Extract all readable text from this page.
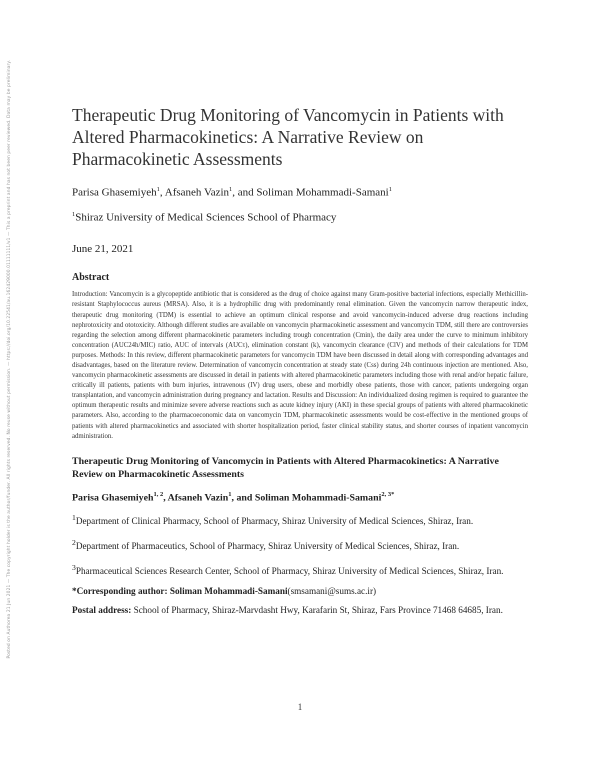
Posted on Authorea 21 Jun 2021 — The copyright holder is the author/funder. All rights reserved. No reuse without permission. — https://doi.org/10.22541/au.162429000.01111111/v1 — This a preprint and has not been peer reviewed. Data may be preliminary.	Therapeutic Drug Monitoring of Vancomycin in Patients with Altered Pharmacokinetics: A Narrative Review on Pharmacokinetic Assessments
Parisa Ghasemiyeh$^1$, Afsaneh Vazin$^1$, and Soliman Mohammadi-Samani$^1$
$^1$Shiraz University of Medical Sciences School of Pharmacy
June 21, 2021
Abstract
Introduction: Vancomycin is a glycopeptide antibiotic that is considered as the drug of choice against many Gram-positive bacterial infections, especially Methicillin-resistant Staphylococcus aureus (MRSA). Also, it is a hydrophilic drug with predominantly renal elimination. Given the vancomycin narrow therapeutic index, therapeutic drug monitoring (TDM) is essential to achieve an optimum clinical response and avoid vancomycin-induced adverse drug reactions including nephrotoxicity and ototoxicity. Although different studies are available on vancomycin pharmacokinetic assessment and vancomycin TDM, still there are controversies regarding the selection among different pharmacokinetic parameters including trough concentration (Cmin), the daily area under the curve to minimum inhibitory concentration (AUC24h/MIC) ratio, AUC of intervals (AUCτ), elimination constant (k), vancomycin clearance (ClV) and methods of their calculations for TDM purposes. Methods: In this review, different pharmacokinetic parameters for vancomycin TDM have been discussed in detail along with corresponding advantages and disadvantages, based on the literature review. Determination of vancomycin concentration at steady state (Css) during 24h continuous injection are mentioned. Also, vancomycin pharmacokinetic assessments are discussed in detail in patients with altered pharmacokinetic parameters including those with renal and/or hepatic failure, critically ill patients, patients with burn injuries, intravenous (IV) drug users, obese and morbidly obese patients, those with cancer, patients undergoing organ transplantation, and vancomycin administration during pregnancy and lactation. Results and Discussion: An individualized dosing regimen is required to guarantee the optimum therapeutic results and minimize severe adverse reactions such as acute kidney injury (AKI) in these special groups of patients with altered pharmacokinetic parameters. Also, according to the pharmacoeconomic data on vancomycin TDM, pharmacokinetic assessments would be cost-effective in the mentioned groups of patients with altered pharmacokinetics and associated with shorter hospitalization period, faster clinical stability status, and shorter courses of inpatient vancomycin administration.
Therapeutic Drug Monitoring of Vancomycin in Patients with Altered Pharmacokinetics: A Narrative Review on Pharmacokinetic Assessments
Parisa Ghasemiyeh$^{1, 2}$, Afsaneh Vazin$^1$, and Soliman Mohammadi-Samani$^{2, 3*}$
$^1$Department of Clinical Pharmacy, School of Pharmacy, Shiraz University of Medical Sciences, Shiraz, Iran.
$^2$Department of Pharmaceutics, School of Pharmacy, Shiraz University of Medical Sciences, Shiraz, Iran.
$^3$Pharmaceutical Sciences Research Center, School of Pharmacy, Shiraz University of Medical Sciences, Shiraz, Iran.
*Corresponding author: Soliman Mohammadi-Samani(smsamani@sums.ac.ir)
Postal address: School of Pharmacy, Shiraz-Marvdasht Hwy, Karafarin St, Shiraz, Fars Province 71468 64685, Iran.
1
